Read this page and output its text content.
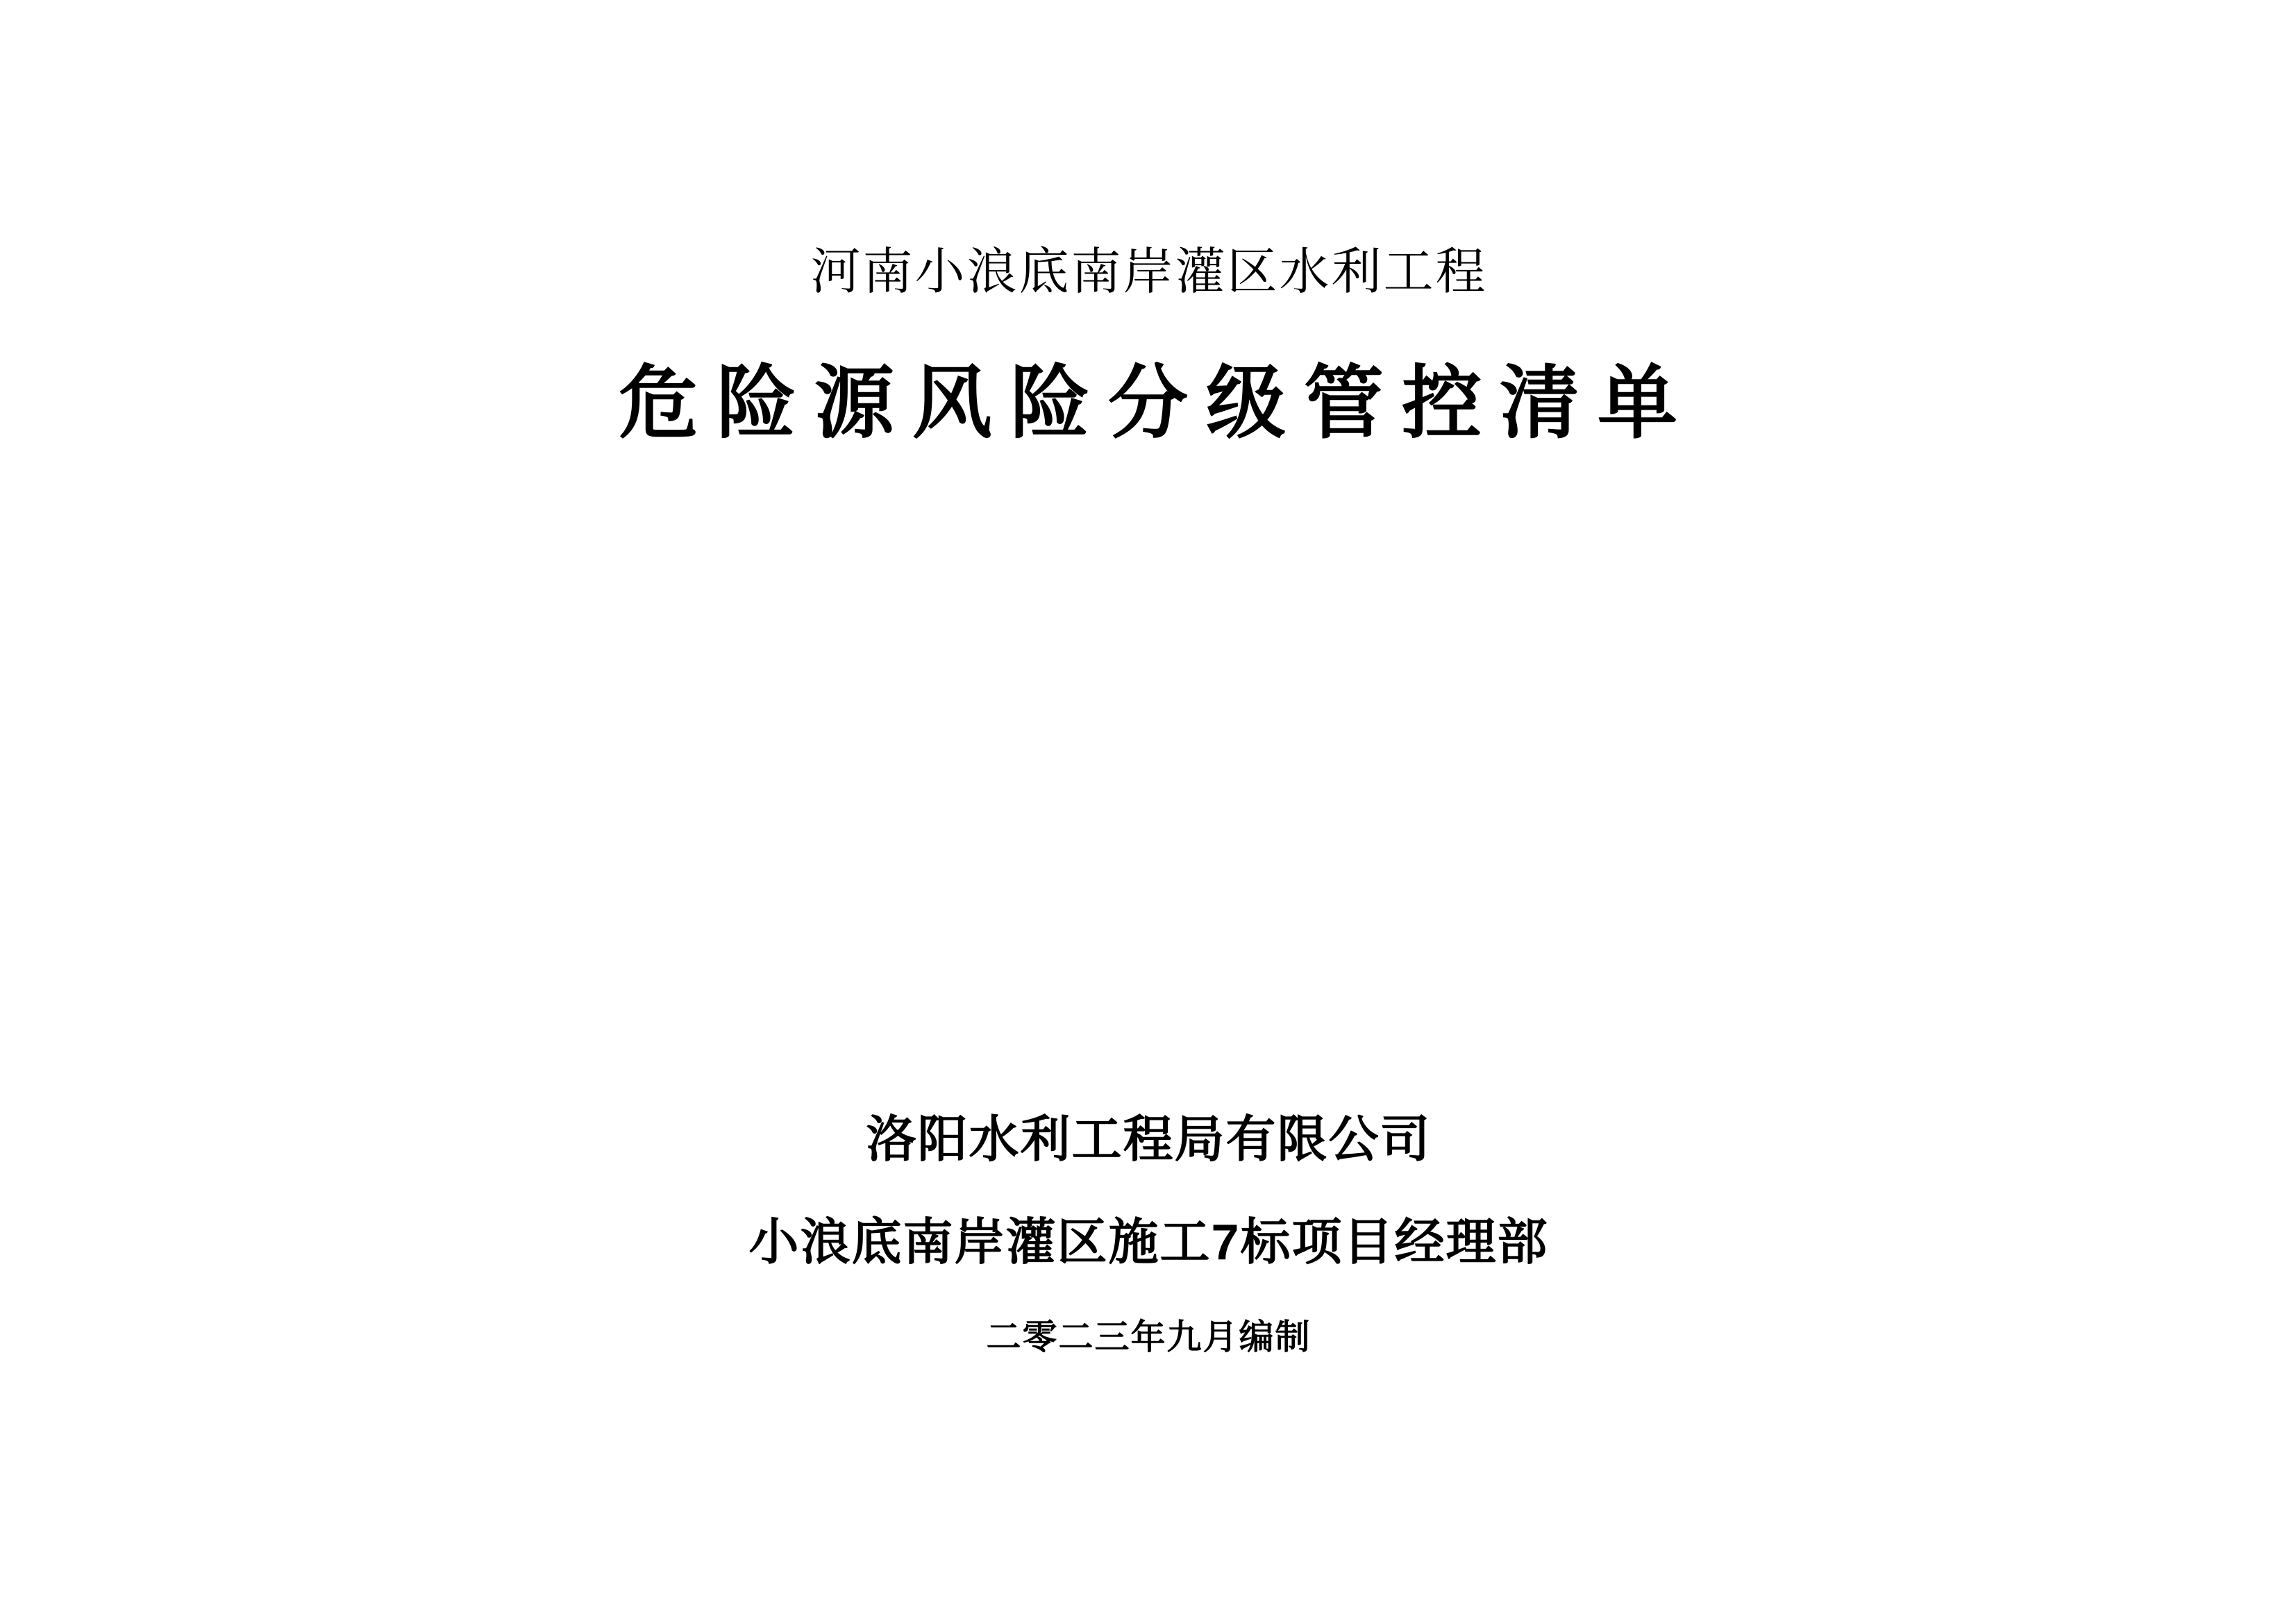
河南小浪底南岸灌区水利工程
危险源风险分级管控清单
洛阳水利工程局有限公司
小浪底南岸灌区施工7标项目经理部
二零二三年九月编制
